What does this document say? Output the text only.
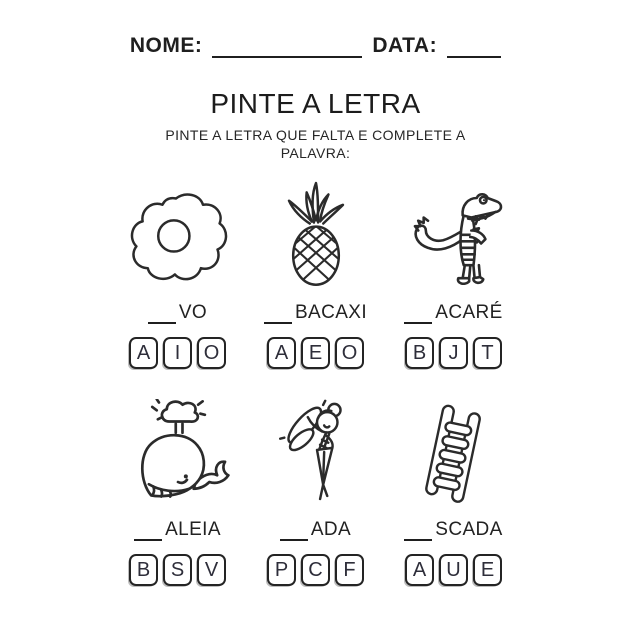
NOME:	DATA:
PINTE A LETRA
PINTE A LETRA QUE FALTA E COMPLETE A PALAVRA:
VO
A	I	O
BACAXI
A	E O
ACARÉ
B	J	T
ALEIA
B	S	V
ADA
P	C	F
SCADA
A	U	E
